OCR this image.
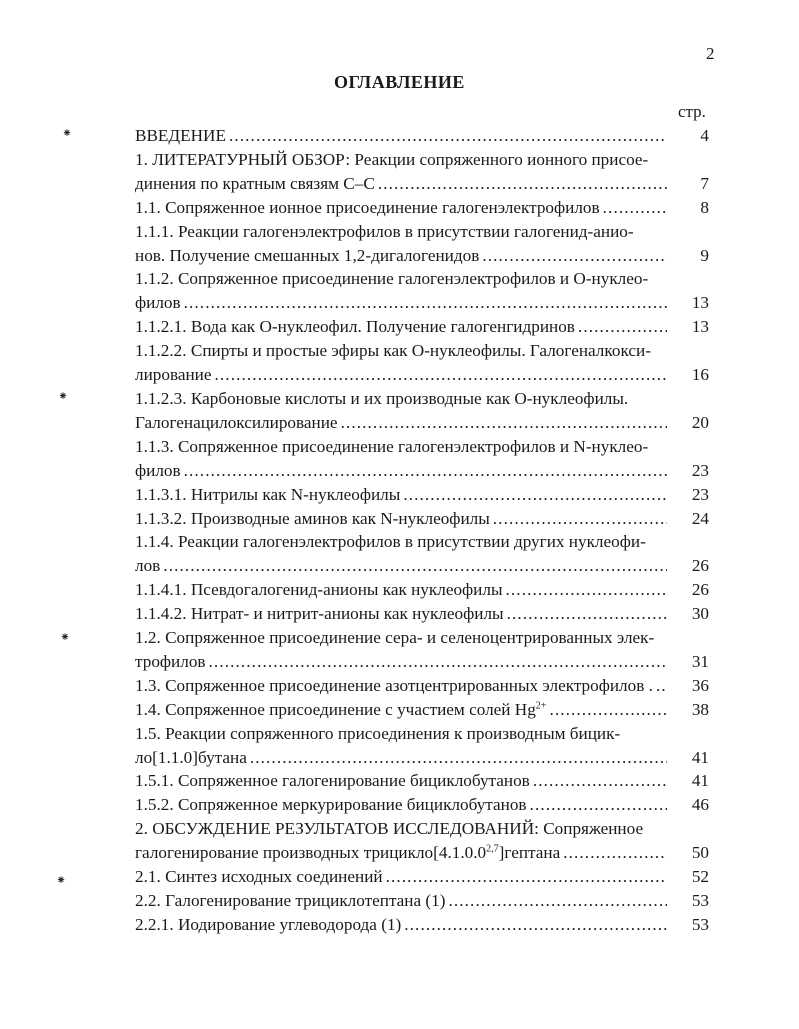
2
ОГЛАВЛЕНИЕ
стр.
⁕
⁕
⁕
⁕
ВВЕДЕНИЕ . . .	4
1. ЛИТЕРАТУРНЫЙ ОБЗОР: Реакции сопряженного ионного присое-
динения по кратным связям С–С . . .	7
1.1. Сопряженное ионное присоединение галогенэлектрофилов . . .	8
1.1.1. Реакции галогенэлектрофилов в присутствии галогенид-анио-
нов. Получение смешанных 1,2-дигалогенидов . . .	9
1.1.2. Сопряженное присоединение галогенэлектрофилов и O-нуклео-
филов . . .	13
1.1.2.1. Вода как O-нуклеофил. Получение галогенгидринов . . .	13
1.1.2.2. Спирты и простые эфиры как O-нуклеофилы. Галогеналкокси-
лирование . . .	16
1.1.2.3. Карбоновые кислоты и их производные как O-нуклеофилы.
Галогенацилоксилирование . . .	20
1.1.3. Сопряженное присоединение галогенэлектрофилов и N-нуклео-
филов . . .	23
1.1.3.1. Нитрилы как N-нуклеофилы . . .	23
1.1.3.2. Производные аминов как N-нуклеофилы . . .	24
1.1.4. Реакции галогенэлектрофилов в присутствии других нуклеофи-
лов . . .	26
1.1.4.1. Псевдогалогенид-анионы как нуклеофилы . . .	26
1.1.4.2. Нитрат- и нитрит-анионы как нуклеофилы . . .	30
1.2. Сопряженное присоединение сера- и селеноцентрированных элек-
трофилов . . .	31
1.3. Сопряженное присоединение азотцентрированных электрофилов . . . .	36
1.4. Сопряженное присоединение с участием солей $Hg^{2+}$ . . .	38
1.5. Реакции сопряженного присоединения к производным бицик-
ло[1.1.0]бутана . . .	41
1.5.1. Сопряженное галогенирование бициклобутанов . . .	41
1.5.2. Сопряженное меркурирование бициклобутанов . . .	46
2. ОБСУЖДЕНИЕ РЕЗУЛЬТАТОВ ИССЛЕДОВАНИЙ: Сопряженное
галогенирование производных трицикло[4.1.0.0$^{2,7}$]гептана . . .	50
2.1. Синтез исходных соединений . . .	52
2.2. Галогенирование трициклотептана (1) . . .	53
2.2.1. Иодирование углеводорода (1) . . .	53
